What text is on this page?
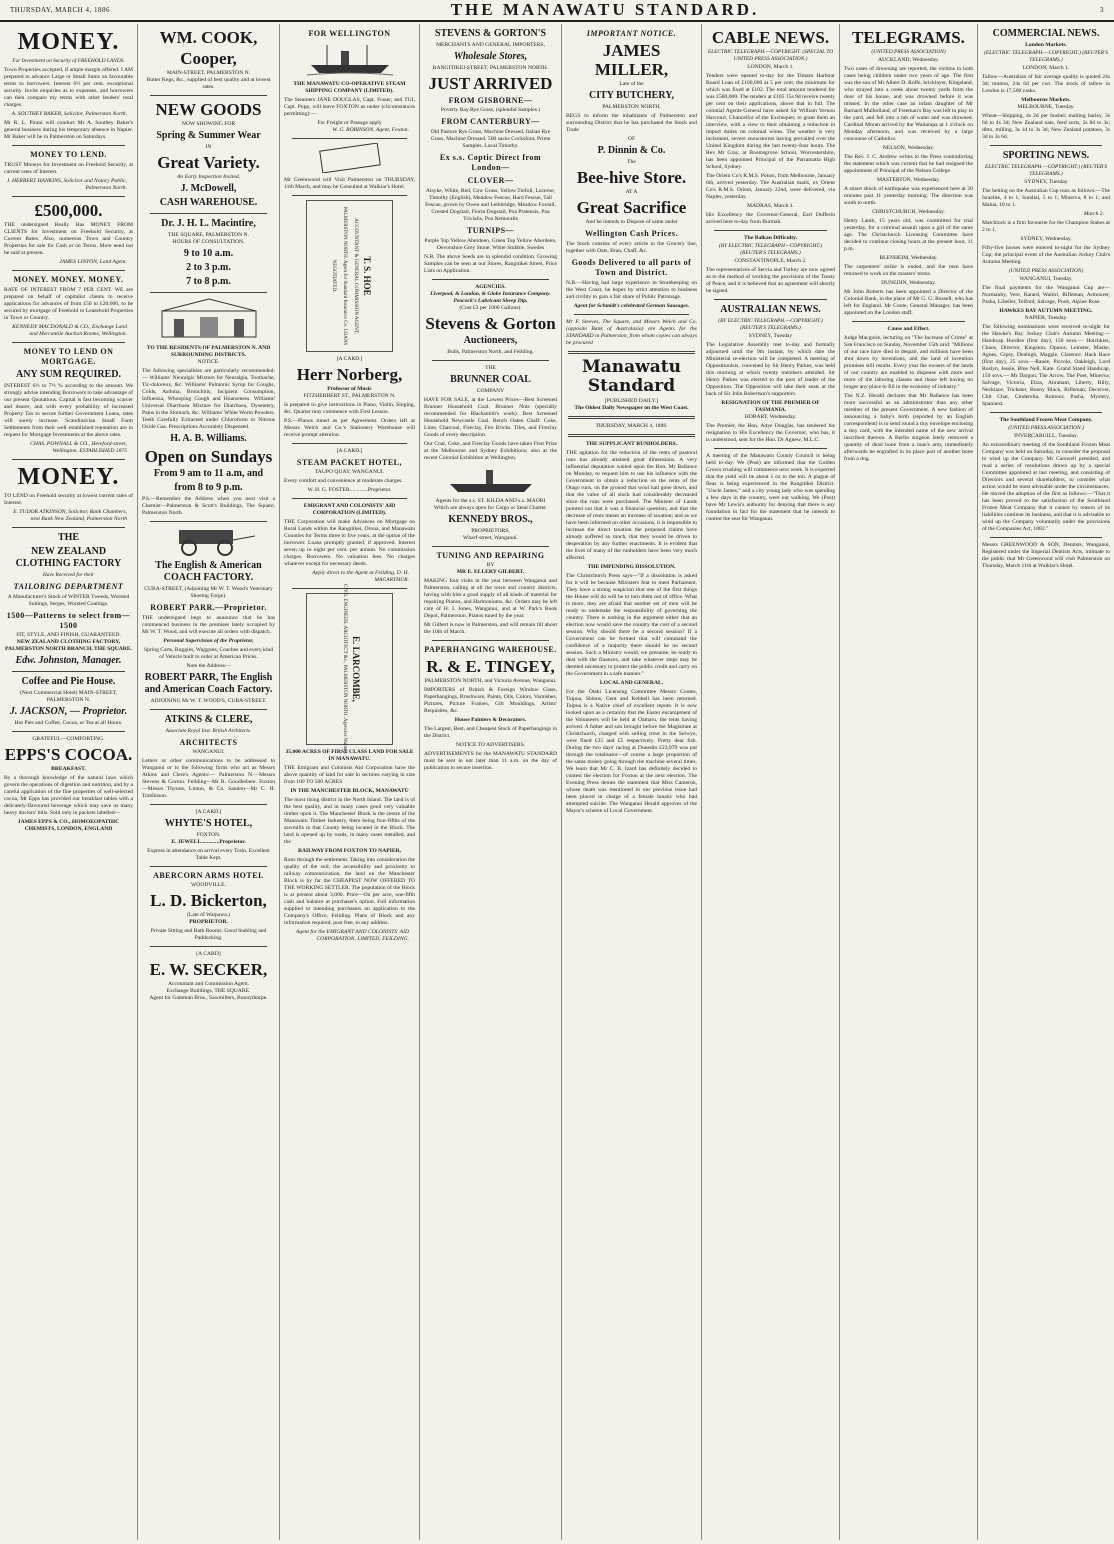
THURSDAY, MARCH 4, 1886	THE MANAWATU STANDARD.	3
MONEY.
For Investment on Security of FREEHOLD LANDS.

Town Properties accepted, if ample margin offered. I AM prepared to advance Large or Small Sums on favourable terms to borrowers. Interest 6½ per cent. exceptional security. Invite enquiries as to expenses, and borrowers can then compare my terms with other lenders' total charges.

A. SOUTHEY BAKER, Solicitor, Palmerston North.

Mr R. L. Pirani will conduct Mr A. Southey Baker's general business during his temporary absence in Napier. Mr Baker will be in Palmerston on Saturdays.

MONEY TO LEND.

TRUST Moneys for Investment on Freehold Security, at current rates of Interest.

J. HERBERT HANKINS, Solicitor and Notary Public, Palmerston North.
£500,000.

THE undersigned Really Has MONEY FROM CLIENTS for Investment on Freehold Security, at Current Rates. Also, numerous Town and Country Properties for sale for Cash or on Terms. More need not be said at present.

JAMES LINTON, Land Agent.
MONEY. MONEY. MONEY.

RATE OF INTEREST FROM 7 PER CENT. WE are prepared on behalf of capitalist clients to receive applications for advances of from £50 to £20,000, to be secured by mortgage of Freehold or Leasehold Properties in Town or Country.

KENNEDY MACDONALD & CO., Exchange Land and Mercantile Auction Rooms, Wellington.
MONEY TO LEND ON MORTGAGE.
ANY SUM REQUIRED.

INTEREST 6½ to 7½ % according to the amount. We strongly advise intending Borrowers to take advantage of our present Quotations. Capital is fast becoming scarcer and dearer, and with every probability of increased Property Tax to secure further Government Loans, rates will surely increase. Scandinavian Small Farm Settlements from their well established reputation are in request for Mortgage Investments at the above rates.

CHAS. POWNALL & CO., Hereford-street, Wellington. ESTABLISHED 1875
MONEY.

TO LEND on Freehold security at lowest current rates of Interest.

E. TUDOR ATKINSON, Solicitor, Bank Chambers, next Bank New Zealand, Palmerston North
THE
NEW ZEALAND CLOTHING FACTORY
Have Received for their
TAILORING DEPARTMENT

A Manufacturer's Stock of WINTER Tweeds, Worsted Suitings, Serges, Worsted Coatings.

1500—Patterns to select from—1500
FIT, STYLE, AND FINISH, GUARANTEED.
NEW ZEALAND CLOTHING FACTORY, PALMERSTON NORTH BRANCH, THE SQUARE.
Edw. Johnston, Manager.
Coffee and Pie House.
(Next Commercial Hotel) MAIN-STREET, PALMERSTON N.
J. JACKSON, — Proprietor.
Hot Pies and Coffee, Cocoa, or Tea at all Hours.
GRATEFUL—COMFORTING.
EPPS'S COCOA.
BREAKFAST.

By a thorough knowledge of the natural laws which govern the operations of digestion and nutrition, and by a careful application of the fine properties of well-selected cocoa, Mr Epps has provided our breakfast tables with a delicately-flavoured beverage which may save us many heavy doctors' bills. Sold only in packets labelled—

JAMES EPPS & CO., HOMOEOPATHIC CHEMISTS, LONDON, ENGLAND
WM. COOK,
Cooper,
MAIN-STREET, PALMERSTON N.
Butter Kegs, &c., supplied of best quality and at lowest rates.
NEW GOODS
NOW SHOWING FOR
Spring & Summer Wear
IN
Great Variety.
An Early Inspection Invited.
J. McDowell,
CASH WAREHOUSE.
Dr. J. H. L. Macintire,
THE SQUARE, PALMERSTON N.
HOURS OF CONSULTATION.
9 to 10 a.m.
2 to 3 p.m.
7 to 8 p.m.
TO THE RESIDENTS OF PALMERSTON N. AND SURROUNDING DISTRICTS.
NOTICE.

The following specialities are particularly recommended:— Williams' Neuralgic Mixture for Neuralgia, Toothache, Tic-doloreux, &c. Williams' Pulmonic Syrup for Coughs, Colds, Asthma, Bronchitis, Incipient Consumption, Influenza, Whooping Cough and Hoarseness. Williams' Universal Diarrhoea Mixture for Diarrhoea, Dysentery, Pains in the Stomach, &c. Williams' White Worm Powders. Teeth Carefully Extracted under Chloroform or Nitrous Oxide Gas. Prescriptions Accurately Dispensed.

H. A. B. Williams.
Open on Sundays
From 9 am to 11 a.m, and
from 8 to 9 p.m.

P.S.—Remember the Address when you next visit a Chemist—Palmerston & Scott's Buildings, The Square, Palmerston North.

The English & American COACH FACTORY.
CUBA-STREET, (Adjoining Mr W. T. Wood's Veterinary Shoeing Forge).
ROBERT PARR.—Proprietor.

THE undersigned begs to announce that he has commenced business in the premises lately occupied by Mr W. T. Wood, and will execute all orders with dispatch.

Personal Supervision of the Proprietor,

Spring Carts, Buggies, Waggons, Coaches and every kind of Vehicle built to order at American Prices.

Note the Address—
ROBERT PARR, The English and American Coach Factory.
ADJOINING Mr W. T. WOOD'S, CUBA-STREET.
ATKINS & CLERE,
Associate Royal Inst. British Architects.
ARCHITECTS
WANGANUI.

Letters or other communications to be addressed to Wanganui or to the following firms who act as Messrs Atkins and Clere's Agents:— Palmerston N.—Messrs Stevens & Gorton. Feilding—Mr R. Goodhebere. Foxton—Messrs Thynne, Linton, & Co. Sandon—Mr C. H. Tomlinson.

[A CARD.]
WHYTE'S HOTEL,
FOXTON.
E. JEWELL.............Proprietor.

Express in attendance on arrival every Train. Excellent Table Kept.

ABERCORN ARMS HOTEL
WOODVILLE.
L. D. Bickerton,
(Late of Waipawa.)
PROPRIETOR.

Private Sitting and Bath Rooms. Good Stabling and Paddocking.

[A CARD]
E. W. SECKER,
Accountant and Commission Agent.
Exchange Buildings, THE SQUARE.
Agent for Gamman Bros., Sawmillers, Bunnythorpe.
FOR WELLINGTON
THE MANAWATU CO-OPERATIVE STEAM SHIPPING COMPANY (LIMITED).

The Steamers JANE DOUGLAS, Capt. Fraser, and TUI, Capt. Popp, will leave FOXTON as under (circumstances permitting):—

For Freight or Passage apply
W. G. ROBINSON, Agent, Foxton.

Mr Greenwood will Visit Palmerston on THURSDAY, 11th March, and may be Consulted at Walklar's Hotel.

T. S. HOE
ACCOUNTANT & GENERAL COMMISSION AGENT, PALMERSTON NORTH. Agent for Standard Insurance Co. LOANS NEGOTIATED.
[A CARD.]
Herr Norberg,
Professor of Music
FITZHERBERT ST., PALMERSTON N.

Is prepared to give instructions in Piano, Violin, Singing, &c. Quarter may commence with First Lesson.

P.S.—Pianos tuned as per Agreement. Orders left at Messrs Welch and Co.'s Stationery Warehouse will receive prompt attention.

[A CARD.]
STEAM PACKET HOTEL,
TAUPO QUAY, WANGANUI.

Every comfort and convenience at moderate charges.

W. H. G. FOSTER.............Proprietor.
EMIGRANT AND COLONISTS' AID CORPORATION (LIMITED).

THE Corporation will make Advances on Mortgage on Rural Lands within the Rangitikei, Oroua, and Manawatu Counties for Terms three to five years, at the option of the borrower. Loans promptly granted, if approved. Interest seven up to eight per cent. per annum. No commission charges. Borrowers. No valuation fees. No charges whatever except for necessary deeds.

Apply direct to the Agent at Feilding, D. H. MACARTHUR.
E. LARCOMBE,
CIVIL ENGINEER, ARCHITECT &c., PALMERSTON NORTH. Agencies Wanted.
35,000 ACRES OF FIRST CLASS LAND FOR SALE IN MANAWATU.

THE Emigrant and Colonists Aid Corporation have the above quantity of land for sale in sections varying in size from 100 TO 500 ACRES

IN THE MANCHESTER BLOCK, MANAWATU

The most rising district in the North Island. The land is of the best quality, and in many cases good very valuable timber upon it. The Manchester Block is the centre of the Manawatu Timber Industry, there being four-fifths of the sawmills in that County being located in the Block. The land is opened up by roads, in many cases metalled, and the

RAILWAY FROM FOXTON TO NAPIER,

Runs through the settlement. Taking into consideration the quality of the soil, the accessibility and proximity to railway communication, the land on the Manchester Block is by far the CHEAPEST NOW OFFERED TO THE WORKING SETTLER. The population of the Block is at present about 3,000. Price—On per acre, one-fifth cash and balance at purchaser's option. Full information supplied to intending purchasers on application to the Company's Office, Feilding. Plans of Block and any information required, post free, to any address.

Agent for the EMIGRANT AND COLONISTS' AID CORPORATION, LIMITED, FEILDING.
STEVENS & GORTON'S
MERCHANTS AND GENERAL IMPORTERS,
Wholesale Stores,
RANGITIKEI-STREET, PALMERSTON NORTH.
JUST ARRIVED
FROM GISBORNE—
Poverty Bay Rye Grass, (splendid Samples.)
FROM CANTERBURY—

Old Pasture Rye Grass, Machine Dressed. Italian Rye Grass, Machine Dressed. 500 sacks Cocksfoot, Prime Samples. Local Timothy.

Ex s.s. Coptic Direct from London—
CLOVER—

Alsyke, White, Red, Cow Grass, Yellow Trefoil, Lucerne, Timothy (English), Meadow Fescue, Hard Fescue, Tall Fescue, grown by Owen and Lethbridge, Meadow Foxtail, Crested Dogstail, Fiorin Dogstail, Poa Pratensis, Poa Trivialis, Poa Nemoralis

TURNIPS—

Purple Top Yellow Aberdeen, Green Top Yellow Aberdeen, Devonshire Grey Stone, White Stubble, Swedes

N.B. The above Seeds are in splendid condition. Growing Samples can be seen at our Stores, Rangitikei Street, Price Lists on Application.

AGENCIES.
Liverpool, & London, & Globe Insurance Company.
Peacock's Lubricant Sheep Dip,
(Cost £3 per 1000 Gallons).
Stevens & Gorton
Auctioneers,
Bulls, Palmerston North, and Feilding.
THE
BRUNNER COAL
COMPANY

HAVE FOR SALE, at the Lowest Prices—Best Screened Brunner Household Coal. Brunner Nuts (specially recommended for Blacksmith's work). Best Screened Household Newcastle Coal. Bench Oaten Chaff. Coke, Lime, Charcoal, Fireclay, Fire Bricks. Tiles, and Fireclay Goods of every description.

Our Coal, Coke, and Fireclay Goods have taken First Prize at the Melbourne and Sydney Exhibitions; also at the recent Colonial Exhibition at Wellington,

Agents for the s.s. ST. KILDA AND s.s. MAORI
Which are always open for Cargo or Steal Charter.
KENNEDY BROS.,
PROPRIETORS,
Wharf-street, Wanganui.
TUNING AND REPAIRING
BY
MR E. ELLERY GILBERT.

MAKING four visits in the year between Wanganui and Palmerston, calling at all the town and country districts, having with him a good supply of all kinds of material for repairing Pianos, and Harmoniums, &c. Orders may be left care of H. I. Jones, Wanganui, and at W. Park's Book Depot, Palmerston. Pianos tuned by the year.

Mr Gilbert is now in Palmerston, and will remain till about the 10th of March.

PAPERHANGING WAREHOUSE.
R. & E. TINGEY,
PALMERSTON NORTH, and Victoria Avenue, Wanganui.

IMPORTERS of British & Foreign Window Glass, Paperhangings, Brushware, Paints, Oils, Colors, Varnishes, Pictures, Picture Frames, Gilt Mouldings, Artists' Requisites, &c.

House Painters & Decorators.

The Largest, Best, and Cheapest Stock of Paperhangings in the District.

NOTICE TO ADVERTISERS.

ADVERTISEMENTS for the MANAWATU STANDARD must be sent in not later than 11 a.m. on the day of publication to secure insertion.

IMPORTANT NOTICE.
JAMES MILLER,
Late of the
CITY BUTCHERY,
PALMERSTON NORTH,

BEGS to inform the inhabitants of Palmerston and surrounding District that he has purchased the Stock and Trade

OF
P. Dinnin & Co.
The
Bee-hive Store.
AT A
Great Sacrifice
And he intends to Dispose of same under
Wellington Cash Prices.

The Stock consists of every article in the Grocery line, together with Oats, Bran, Chaff, &c.

Goods Delivered to all parts of Town and District.

N.B.—Having had large experience in Storekeeping on the West Coast, he hopes by strict attention to business and civility to gain a fair share of Public Patronage.

Agent for Schmidt's celebrated German Sausages.

Mr F. Steeves, The Square, and Messrs Welch and Co. (opposite Bank of Australasia) are Agents for the STANDARD in Palmerston, from whom copies can always be procured

Manawatu Standard
[PUBLISHED DAILY.]
The Oldest Daily Newspaper on the West Coast.
THURSDAY, MARCH 4, 1886.
THE SUPPLICANT RUNHOLDERS.

THE agitation for the reduction of the rents of pastoral runs has already attained great dimensions. A very influential deputation waited upon the Hon. Mr Ballance on Monday, to request him to use his influence with the Government to obtain a reduction on the rents of the Otago runs, on the ground that wool had gone down, and that the value of all stock had considerably decreased since the runs were purchased. The Minister of Lands pointed out that it was a financial question, and that the decrease of rents meant an increase of taxation; and as we have been informed on other occasions, it is impossible to increase the direct taxation the proposed claims have already suffered so much, that they would be driven to desperation by any further enactments. It is evident that the lives of many of the runholders have been very much affected.

THE IMPENDING DISSOLUTION.

The Christchurch Press says—"If a dissolution is asked for it will be because Ministers fear to meet Parliament. They have a strong suspicion that one of the first things the House will do will be to turn them out of office. What is more, they are afraid that another set of men will be ready to undertake the responsibility of governing the country. There is nothing in the argument either that an election now would save the country the cost of a second session. Why should there be a second session? If a Government can be formed that will command the confidence of a majority there should be no second session. Such a Ministry would, we presume, be ready to deal with the finances, and take whatever steps may be deemed necessary to protect the public credit and carry on the Government in a safe manner."

LOCAL AND GENERAL.

For the Otaki Licensing Committee Messrs Cootes, Taipua, Shinns, Gent and Kebbell has been returned. Taipua is a Native chief of excellent repute. It is now looked upon as a certainty that the Easter encampment of the Volunteers will be held at Oamaru, the tents having arrived. A father and son brought before the Magistrate at Christchurch, charged with selling trout in the Selwyn, were fined £25 and £5 respectively. Pretty dear fish. During the two days' racing at Dunedin £23,979 was put through the totalisator—of course a large proportion of the same money going through the machine several times. We learn that Mr C. B. Izard has definitely decided to contest the election for Foxton at the next election. The Evening Press denies the statement that Miss Cameron, whose death was mentioned in our previous issue had been placed in charge of a female lunatic who had attempted suicide. The Wanganui Herald approves of the Mayor's scheme of Local Government.

CABLE NEWS.
ELECTRIC TELEGRAPH.—COPYRIGHT. (SPECIAL TO UNITED PRESS ASSOCIATION.)
LONDON, March 1.

Tenders were opened to-day for the Timaru Harbour Board Loan of £100,000 at 5 per cent, the minimum for which was fixed at £102. The total amount tendered for was £580,000. The tenders at £105 15s 9d receive twenty per cent on their applications, above that in full. The colonial Agents-General have asked Sir William Vernon Harcourt, Chancellor of the Exchequer, to grant them an interview, with a view to their obtaining a reduction in import duties on colonial wines. The weather is very inclement, severe snowstorms having prevailed over the United Kingdom during the last twenty-four hours. The Rev Mr Gray, at Boomsgrove School, Worcestershire, has been appointed Principal of the Parramatta High School, Sydney.

The Orient Co's R.M.S. Potosi, from Melbourne, January 6th, arrived yesterday. The Australian mails, ex Orient Co's R.M.S. Orient, January 22nd, were delivered, via Naples, yesterday.

MADRAS, March 1.

His Excellency the Governor-General, Earl Dufferin arrived here to-day from Burmah.

The Balkan Difficulty.
(BY ELECTRIC TELEGRAPH—COPYRIGHT.) (REUTER'S TELEGRAMS.)
CONSTANTINOPLE, March 2.

The representatives of Servia and Turkey are now agreed as to the method of working the provisions of the Treaty of Peace, and it is believed that an agreement will shortly be signed.

AUSTRALIAN NEWS.
(BY ELECTRIC TELEGRAPH.—COPYRIGHT.) (REUTER'S TELEGRAMS.)
SYDNEY, Tuesday

The Legislative Assembly met to-day and formally adjourned until the 9th instant, by which date the Ministerial re-election will be completed. A meeting of Oppositionists, convened by Sir Henry Parkes, was held this morning at which twenty members attended. Sir Henry Parkes was elected to the post of leader of the Opposition. The Opposition will take their seats at the back of Sir John Robertson's supporters.

RESIGNATION OF THE PREMIER OF TASMANIA.
HOBART, Wednesday.

The Premier, the Hon. Adye Douglas, has tendered his resignation to His Excellency the Governor, who has, it is understood, sent for the Hon. Dr Agnew, M.L.C.

A meeting of the Manawatu County Council is being held to-day. We (Post) are informed that the Golden Crown crushing will commence next week. It is expected that the yield will be about 1 oz to the ton. A plague of fleas is being experienced in the Rangitikei District. "Uncle James," and a city young lady who was spending a few days in the country, were out walking. We (Post) have Mr Lewis's authority for denying that there is any foundation in fact for the statement that he intends to contest the seat for Wanganui.

TELEGRAMS.
(UNITED PRESS ASSOCIATION)
AUCKLAND, Wednesday.

Two cases of drowning are reported, the victims in both cases being children under two years of age. The first was the son of Mr Albert D. Rolfe, bricklayer, Kingsland, who strayed into a creek about twenty yards from the door of his house, and was drowned before it was missed. In the other case an infant daughter of Mr Barnard Mulholland, of Freeman's Bay was left to play in the yard, and fell into a tub of water and was drowned. Cardinal Moran arrived by the Waitarapa at 1 o'clock on Monday afternoon, and was received by a large concourse of Catholics.

NELSON, Wednesday.

The Rev. J. C. Andrew writes to the Press contradicting the statement which was current that he had resigned the appointment of Principal of the Nelson College.

MASTERTON, Wednesday.

A smart shock of earthquake was experienced here at 20 minutes past 11 yesterday morning. The direction was south to north.

CHRISTCHURCH, Wednesday.

Henry Lamb, 15 years old, was committed for trial yesterday, for a criminal assault upon a girl of the same age. The Christchurch Licensing Committee have decided to continue closing hours at the present hour, 11 p.m.

BLENHEIM, Wednesday.

The carpenters' strike is ended, and the men have returned to work on the masters' terms.

DUNEDIN, Wednesday.

Mr John Roberts has been appointed a Director of the Colonial Bank, in the place of Mr G. G. Russell, who has left for England. Mr Coote, General Manager, has been appointed on the London staff.

Cause and Effect.

Judge Macguire, lecturing on "The Increase of Crime" at San Francisco on Sunday, November 15th said: "Millions of our race have died in despair, and millions have been shot down by inventions, and the land of invention promises still results. Every year the owners of the lands of our country are enabled to dispense with more and more of the laboring classes and those left having no longer any place to fill in the economy of industry."

The N.Z. Herald declares that Mr Ballance has been more successful as an administrator than any other member of the present Government. A new fashion of announcing a baby's birth (reported by an English correspondent) is to send round a tiny envelope enclosing a tiny card, with the intended name of the new arrival inscribed thereon. A Berlin surgeon lately removed a quantity of dead bone from a man's arm, immediately afterwards he engrafted in its place part of another bone from a dog.

COMMERCIAL NEWS.
London Markets.
(ELECTRIC TELEGRAPH.—COPYRIGHT.) (REUTER'S TELEGRAMS.)
LONDON, March 1.

Tallow—Australian of fair average quality is quoted 24s 3d; mutton, 24s 6d per cwt. The stock of tallow in London is 17,500 casks.

Melbourne Markets.
MELBOURNE, Tuesday.

Wheat—Shipping, 4s 2d per bushel; malting barley, 3s 6d to 4s 3d; New Zealand oats, feed sorts, 2s 8d to 3s; ditto, milling, 3s 1d to 3s 3d; New Zealand potatoes, 3s 3d to 3s 6d.

SPORTING NEWS.
ELECTRIC TELEGRAPH.—COPYRIGHT.) (REUTER'S TELEGRAMS.)
SYDNEY, Tuesday

The betting on the Australian Cup runs as follows:—The Israelite, 4 to 1; Sundial, 5 to 1; Minerva, 8 to 1; and Malua, 10 to 1.

March 2.

Matchlock is a firm favourite for the Champion Stakes at 2 to 1.

SYDNEY, Wednesday.

Fifty-five horses were entered to-night for the Sydney Cup, the principal event of the Australian Jockey Club's Autumn Meeting.

(UNITED PRESS ASSOCIATION)
WANGANUI, Tuesday.

The final payments for the Wanganui Cup are—Normanby, Vere, Rarard, Waitiri, Rifleman, Armourer, Pasha, Libeller, Telford, Salvage, Pooh, Alpine Rose.

HAWKES BAY AUTUMN MEETING.
NAPIER, Tuesday.

The following nominations were received to-night for the Hawke's Bay Jockey Club's Autumn Meeting:— Handicap Hurdles (first day), 150 sovs.— Hotchkiss, Chaos, Director, Kingston, Opawa, Leinster, Maske, Agnes, Gipsy, Denbigh, Maggie, Clarence. Hack Race (first day), 25 sovs.—Ranee, Piccolo, Oakleigh, Lord Roslyn, Jessie, Blue Nell, Kate. Grand Stand Handicap, 150 sovs.— Mr Dargon, The Arrow, The Poet, Minerva, Salvage, Victoria, Eliza, Abraham, Liberty, Billy, Necklace, Trickster, Bonny Black, Rifleman, Deceiver, Chit Chat, Cinderella, Rumour, Pasha, Mystery, Spaniard.

The Southland Frozen Meat Company.
(UNITED PRESS ASSOCIATION.)
INVERCARGILL, Tuesday.

An extraordinary meeting of the Southland Frozen Meat Company was held on Saturday, to consider the proposal to wind up the Company. Mr Carswell presided, and read a series of resolutions drawn up by a special Committee appointed at last meeting, and consisting of Directors and several shareholders, to consider what action would be most advisable under the circumstances. He moved the adoption of the first as follows:—"That it has been proved to the satisfaction of the Southland Frozen Meat Company that it cannot by reason of its liabilities continue its business, and that it is advisable to wind up the Company voluntarily under the provisions of the Companies Act, 1882."

Messrs GREENWOOD & SON, Dentists, Wanganui, Registered under the Imperial Dentists Acts, intimate to the public that Mr Greenwood will visit Palmerston on Thursday, March 11th at Walklar's Hotel.
